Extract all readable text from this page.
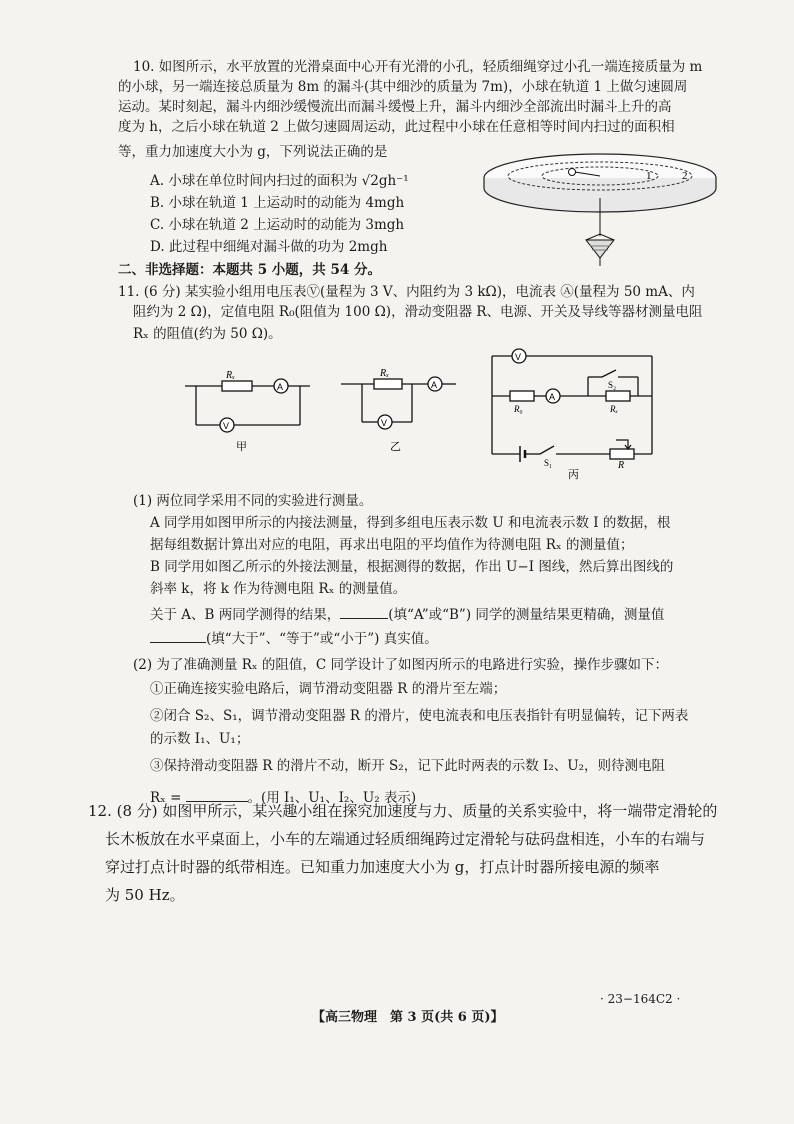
10. 如图所示，水平放置的光滑桌面中心开有光滑的小孔，轻质细绳穿过小孔一端连接质量为 m
的小球，另一端连接总质量为 8m 的漏斗(其中细沙的质量为 7m)，小球在轨道 1 上做匀速圆周
运动。某时刻起，漏斗内细沙缓慢流出而漏斗缓慢上升，漏斗内细沙全部流出时漏斗上升的高
度为 h，之后小球在轨道 2 上做匀速圆周运动，此过程中小球在任意相等时间内扫过的面积相
等，重力加速度大小为 g，下列说法正确的是
A. 小球在单位时间内扫过的面积为 √2gh⁻¹
B. 小球在轨道 1 上运动时的动能为 4mgh
C. 小球在轨道 2 上运动时的动能为 3mgh
D. 此过程中细绳对漏斗做的功为 2mgh
1	2
二、非选择题：本题共 5 小题，共 54 分。
11. (6 分) 某实验小组用电压表Ⓥ(量程为 3 V、内阻约为 3 kΩ)，电流表 Ⓐ(量程为 50 mA、内
阻约为 2 Ω)，定值电阻 R₀(阻值为 100 Ω)，滑动变阻器 R、电源、开关及导线等器材测量电阻
Rₓ 的阻值(约为 50 Ω)。
Rₓ
A
V
甲
Rₓ
A
V
乙
V
A
R₀	Rₓ
S₂
S₁	R
丙
(1) 两位同学采用不同的实验进行测量。
A 同学用如图甲所示的内接法测量，得到多组电压表示数 U 和电流表示数 I 的数据，根
据每组数据计算出对应的电阻，再求出电阻的平均值作为待测电阻 Rₓ 的测量值；
B 同学用如图乙所示的外接法测量，根据测得的数据，作出 U−I 图线，然后算出图线的
斜率 k，将 k 作为待测电阻 Rₓ 的测量值。
关于 A、B 两同学测得的结果，	(填“A”或“B”) 同学的测量结果更精确，测量值
(填“大于”、“等于”或“小于”) 真实值。
(2) 为了准确测量 Rₓ 的阻值，C 同学设计了如图丙所示的电路进行实验，操作步骤如下：
①正确连接实验电路后，调节滑动变阻器 R 的滑片至左端；
②闭合 S₂、S₁，调节滑动变阻器 R 的滑片，使电流表和电压表指针有明显偏转，记下两表
的示数 I₁、U₁；
③保持滑动变阻器 R 的滑片不动，断开 S₂，记下此时两表的示数 I₂、U₂，则待测电阻
Rₓ =	。(用 I₁、U₁、I₂、U₂ 表示)
12. (8 分) 如图甲所示，某兴趣小组在探究加速度与力、质量的关系实验中，将一端带定滑轮的
长木板放在水平桌面上，小车的左端通过轻质细绳跨过定滑轮与砝码盘相连，小车的右端与
穿过打点计时器的纸带相连。已知重力加速度大小为 g，打点计时器所接电源的频率
为 50 Hz。
【高三物理　第 3 页(共 6 页)】
· 23−164C2 ·
